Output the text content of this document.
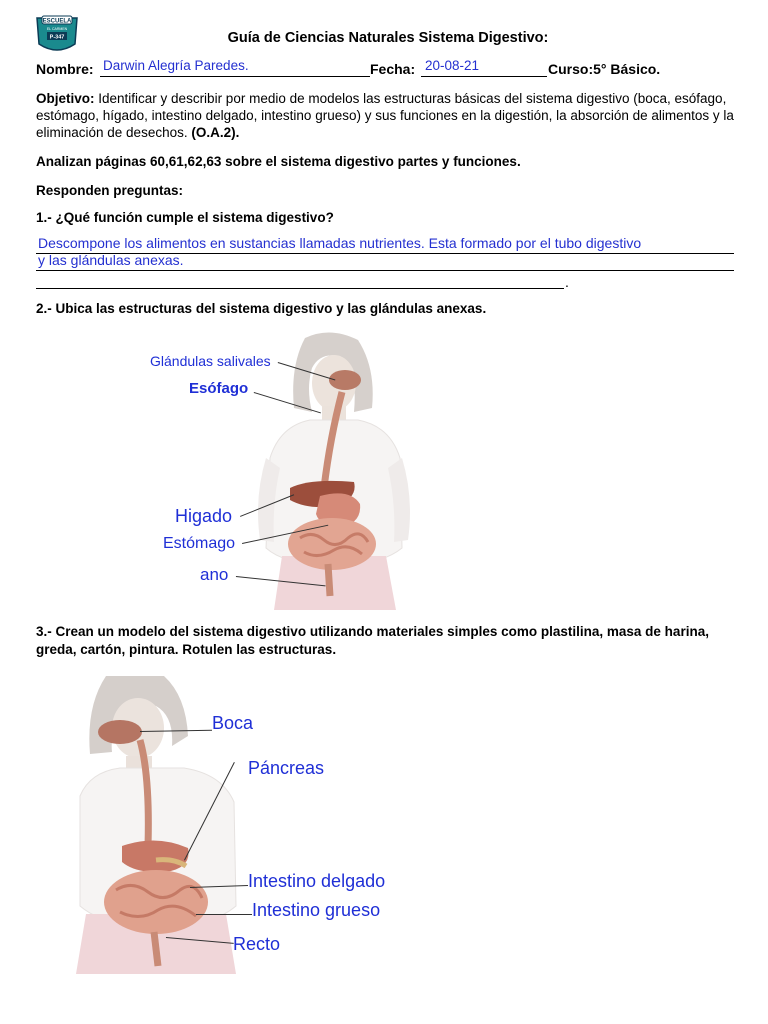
ESCUELA
EL CARMEN
P-347	Guía de Ciencias Naturales Sistema Digestivo:
Nombre: Darwin Alegría Paredes.	Fecha: 20-08-21	Curso:5° Básico.
Objetivo: Identificar y describir por medio de modelos las estructuras básicas del sistema digestivo (boca, esófago, estómago, hígado, intestino delgado, intestino grueso) y sus funciones en la digestión, la absorción de alimentos y la eliminación de desechos. (O.A.2).
Analizan páginas 60,61,62,63 sobre el sistema digestivo partes y funciones.
Responden preguntas:
1.- ¿Qué función cumple el sistema digestivo?
Descompone los alimentos en sustancias llamadas nutrientes. Esta formado por el tubo digestivo
y las glándulas anexas.
.
2.- Ubica las estructuras del sistema digestivo y las glándulas anexas.
Glándulas salivales
Esófago
Higado
Estómago
ano
3.- Crean un modelo del sistema digestivo utilizando materiales simples como plastilina, masa de harina, greda, cartón, pintura. Rotulen las estructuras.
Boca
Páncreas
Intestino delgado
Intestino grueso
Recto
